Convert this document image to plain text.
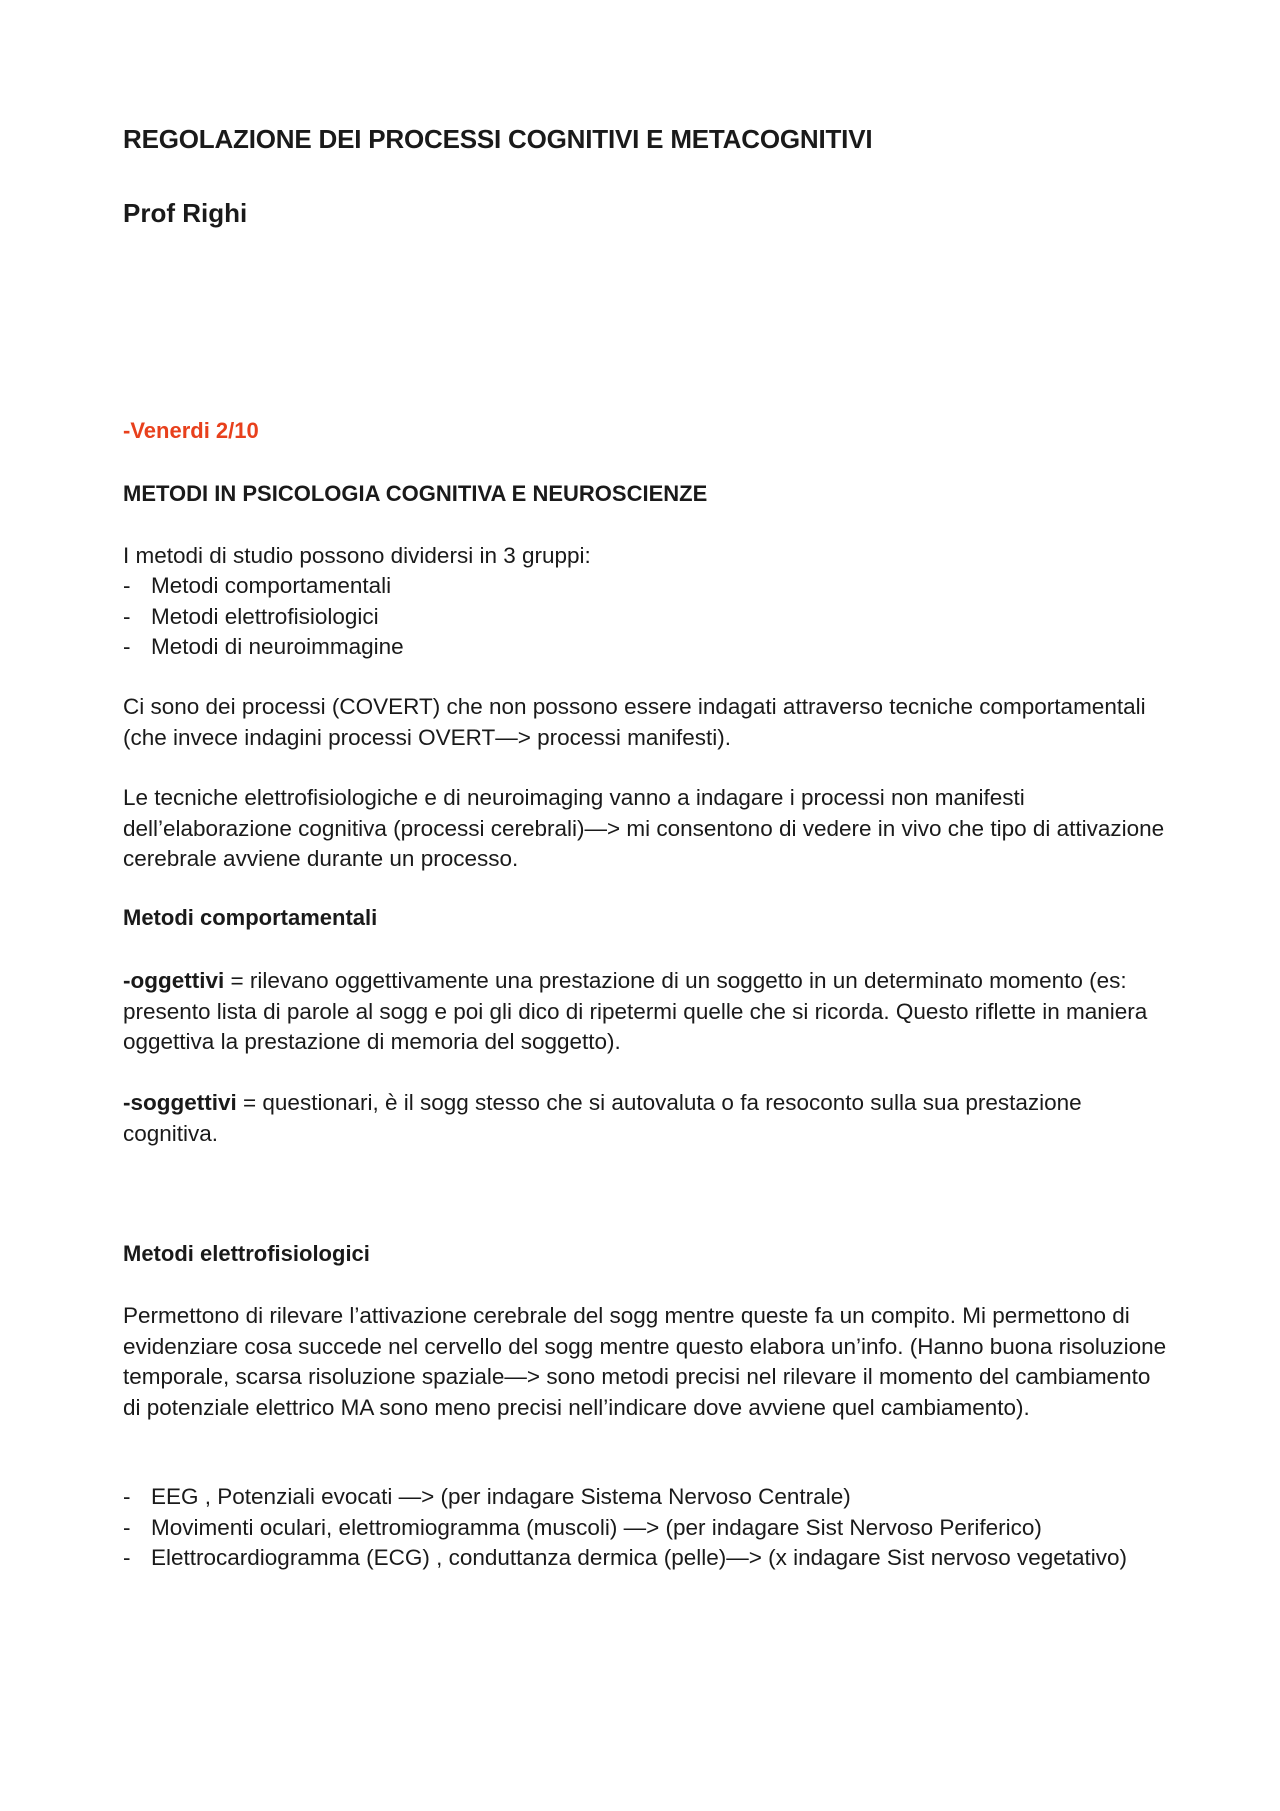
REGOLAZIONE DEI PROCESSI COGNITIVI E METACOGNITIVI
Prof Righi
-Venerdi 2/10
METODI IN PSICOLOGIA COGNITIVA E NEUROSCIENZE

I metodi di studio possono dividersi in 3 gruppi:

- Metodi comportamentali
- Metodi elettrofisiologici
- Metodi di neuroimmagine

Ci sono dei processi (COVERT) che non possono essere indagati attraverso tecniche comportamentali (che invece indagini processi OVERT—> processi manifesti).

Le tecniche elettrofisiologiche e di neuroimaging vanno a indagare i processi non manifesti dell’elaborazione cognitiva (processi cerebrali)—> mi consentono di vedere in vivo che tipo di attivazione cerebrale avviene durante un processo.

Metodi comportamentali

-oggettivi = rilevano oggettivamente una prestazione di un soggetto in un determinato momento (es: presento lista di parole al sogg e poi gli dico di ripetermi quelle che si ricorda. Questo riflette in maniera oggettiva la prestazione di memoria del soggetto).

-soggettivi = questionari, è il sogg stesso che si autovaluta o fa resoconto sulla sua prestazione cognitiva.

Metodi elettrofisiologici

Permettono di rilevare l’attivazione cerebrale del sogg mentre queste fa un compito. Mi permettono di evidenziare cosa succede nel cervello del sogg mentre questo elabora un’info. (Hanno buona risoluzione temporale, scarsa risoluzione spaziale—> sono metodi precisi nel rilevare il momento del cambiamento di potenziale elettrico MA sono meno precisi nell’indicare dove avviene quel cambiamento).

- EEG , Potenziali evocati —> (per indagare Sistema Nervoso Centrale)
- Movimenti oculari, elettromiogramma (muscoli) —> (per indagare Sist Nervoso Periferico)
- Elettrocardiogramma (ECG) , conduttanza dermica (pelle)—> (x indagare Sist nervoso vegetativo)
